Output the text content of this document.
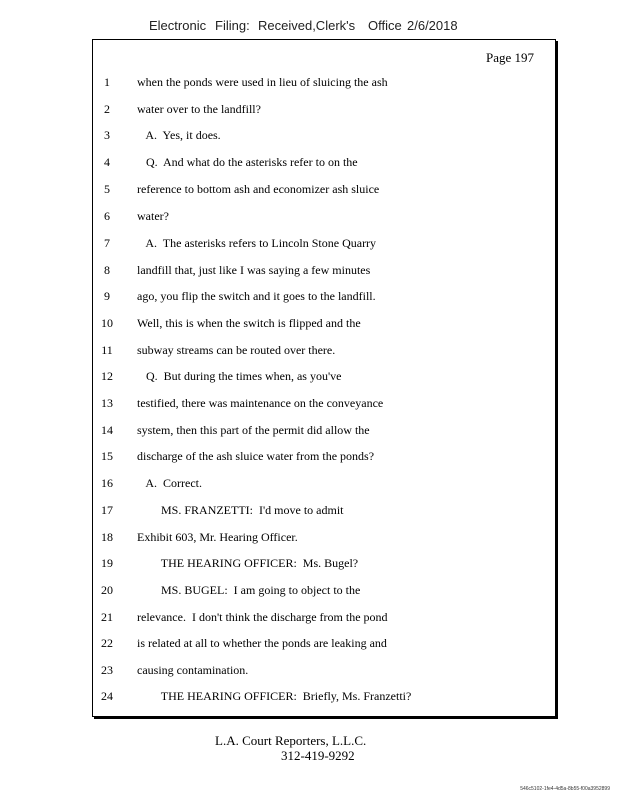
Electronic Filing: Received,Clerk's Office 2/6/2018
Page 197
1	when the ponds were used in lieu of sluicing the ash
2	water over to the landfill?
3	A.  Yes, it does.
4	Q.  And what do the asterisks refer to on the
5	reference to bottom ash and economizer ash sluice
6	water?
7	A.  The asterisks refers to Lincoln Stone Quarry
8	landfill that, just like I was saying a few minutes
9	ago, you flip the switch and it goes to the landfill.
10 Well, this is when the switch is flipped and the
11 subway streams can be routed over there.
12 Q.  But during the times when, as you've
13 testified, there was maintenance on the conveyance
14 system, then this part of the permit did allow the
15 discharge of the ash sluice water from the ponds?
16 A.  Correct.
17 MS. FRANZETTI:  I'd move to admit
18 Exhibit 603, Mr. Hearing Officer.
19 THE HEARING OFFICER:  Ms. Bugel?
20 MS. BUGEL:  I am going to object to the
21 relevance.  I don't think the discharge from the pond
22 is related at all to whether the ponds are leaking and
23 causing contamination.
24 THE HEARING OFFICER:  Briefly, Ms. Franzetti?
L.A. Court Reporters, L.L.C.
312-419-9292
546c5102-1fe4-4d5a-8b55-f00a3952899
